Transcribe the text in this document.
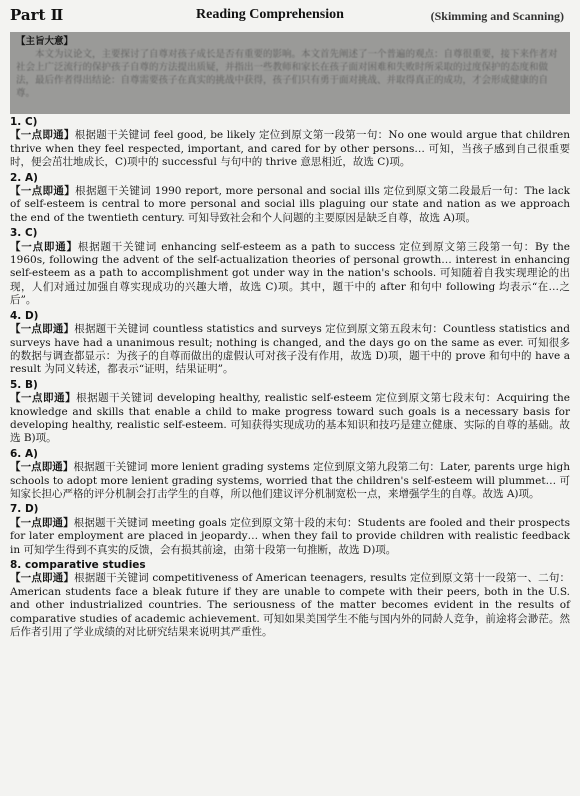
Part Ⅱ	Reading Comprehension	(Skimming and Scanning)
【主旨大意】
本文为议论文，主要探讨了自尊对孩子成长是否有重要的影响。本文首先阐述了一个普遍的观点：自尊很重要，接下来作者对社会上广泛流行的保护孩子自尊的方法提出质疑，并指出一些教师和家长在孩子面对困难和失败时所采取的过度保护的态度和做法，最后作者得出结论：自尊需要孩子在真实的挑战中获得，孩子们只有勇于面对挑战、并取得真正的成功，才会形成健康的自尊。
1. C)
【一点即通】根据题干关键词 feel good, be likely 定位到原文第一段第一句：No one would argue that children thrive when they feel respected, important, and cared for by other persons… 可知，当孩子感到自己很重要时，便会茁壮地成长，C)项中的 successful 与句中的 thrive 意思相近，故选 C)项。
2. A)
【一点即通】根据题干关键词 1990 report, more personal and social ills 定位到原文第二段最后一句：The lack of self-esteem is central to more personal and social ills plaguing our state and nation as we approach the end of the twentieth century. 可知导致社会和个人问题的主要原因是缺乏自尊，故选 A)项。
3. C)
【一点即通】根据题干关键词 enhancing self-esteem as a path to success 定位到原文第三段第一句：By the 1960s, following the advent of the self-actualization theories of personal growth… interest in enhancing self-esteem as a path to accomplishment got under way in the nation's schools. 可知随着自我实现理论的出现，人们对通过加强自尊实现成功的兴趣大增，故选 C)项。其中，题干中的 after 和句中 following 均表示“在…之后”。
4. D)
【一点即通】根据题干关键词 countless statistics and surveys 定位到原文第五段末句：Countless statistics and surveys have had a unanimous result; nothing is changed, and the days go on the same as ever. 可知很多的数据与调查都显示：为孩子的自尊而做出的虚假认可对孩子没有作用，故选 D)项，题干中的 prove 和句中的 have a result 为同义转述，都表示“证明，结果证明”。
5. B)
【一点即通】根据题干关键词 developing healthy, realistic self-esteem 定位到原文第七段末句：Acquiring the knowledge and skills that enable a child to make progress toward such goals is a necessary basis for developing healthy, realistic self-esteem. 可知获得实现成功的基本知识和技巧是建立健康、实际的自尊的基础。故选 B)项。
6. A)
【一点即通】根据题干关键词 more lenient grading systems 定位到原文第九段第二句：Later, parents urge high schools to adopt more lenient grading systems, worried that the children's self-esteem will plummet… 可知家长担心严格的评分机制会打击学生的自尊，所以他们建议评分机制宽松一点，来增强学生的自尊。故选 A)项。
7. D)
【一点即通】根据题干关键词 meeting goals 定位到原文第十段的末句：Students are fooled and their prospects for later employment are placed in jeopardy… when they fail to provide children with realistic feedback in 可知学生得到不真实的反馈，会有损其前途，由第十段第一句推断，故选 D)项。
8. comparative studies
【一点即通】根据题干关键词 competitiveness of American teenagers, results 定位到原文第十一段第一、二句：American students face a bleak future if they are unable to compete with their peers, both in the U.S. and other industrialized countries. The seriousness of the matter becomes evident in the results of comparative studies of academic achievement. 可知如果美国学生不能与国内外的同龄人竞争，前途将会渺茫。然后作者引用了学业成绩的对比研究结果来说明其严重性。
